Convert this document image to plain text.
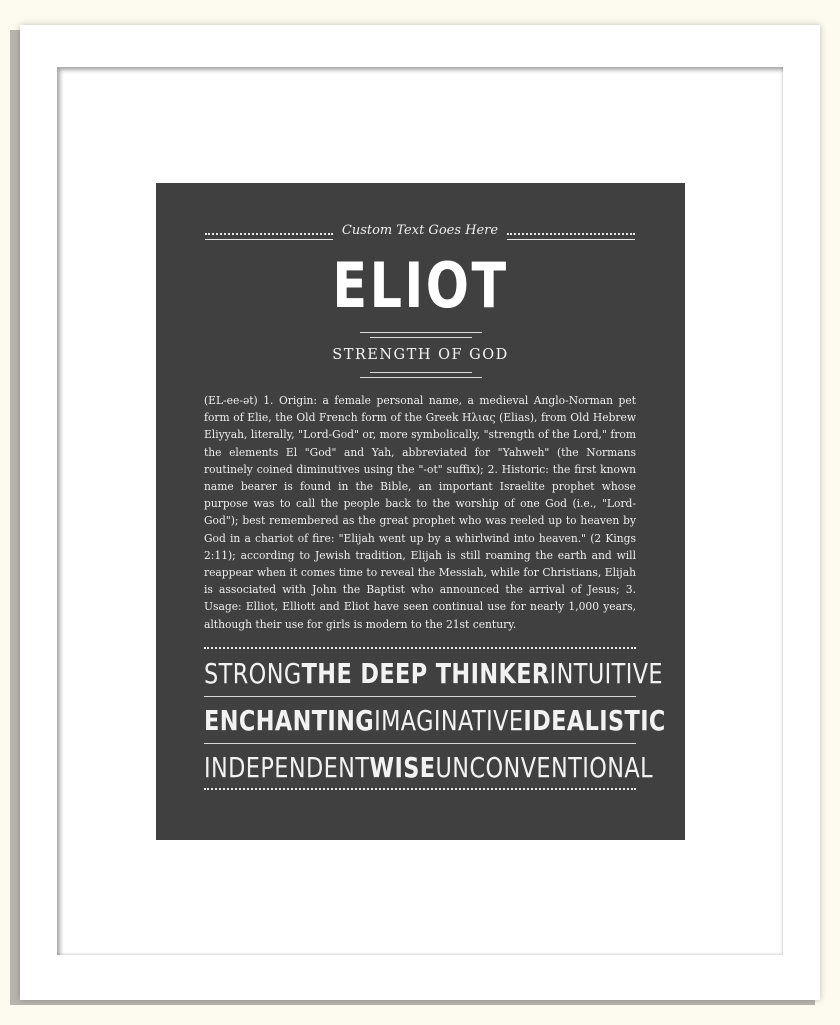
Custom Text Goes Here
ELIOT
STRENGTH OF GOD
(EL-ee-ət) 1. Origin: a female personal name, a medieval Anglo-Norman pet form of Elie, the Old French form of the Greek Ηλιας (Elias), from Old Hebrew Eliyyah, literally, "Lord-God" or, more symbolically, "strength of the Lord," from the elements El "God" and Yah, abbreviated for "Yahweh" (the Normans routinely coined diminutives using the "-ot" suffix); 2. Historic: the first known name bearer is found in the Bible, an important Israelite prophet whose purpose was to call the people back to the worship of one God (i.e., "Lord-God"); best remembered as the great prophet who was reeled up to heaven by God in a chariot of fire: "Elijah went up by a whirlwind into heaven." (2 Kings 2:11); according to Jewish tradition, Elijah is still roaming the earth and will reappear when it comes time to reveal the Messiah, while for Christians, Elijah is associated with John the Baptist who announced the arrival of Jesus; 3. Usage: Elliot, Elliott and Eliot have seen continual use for nearly 1,000 years, although their use for girls is modern to the 21st century.
STRONG THE DEEP THINKER INTUITIVE
ENCHANTING IMAGINATIVE IDEALISTIC
INDEPENDENT WISE UNCONVENTIONAL
